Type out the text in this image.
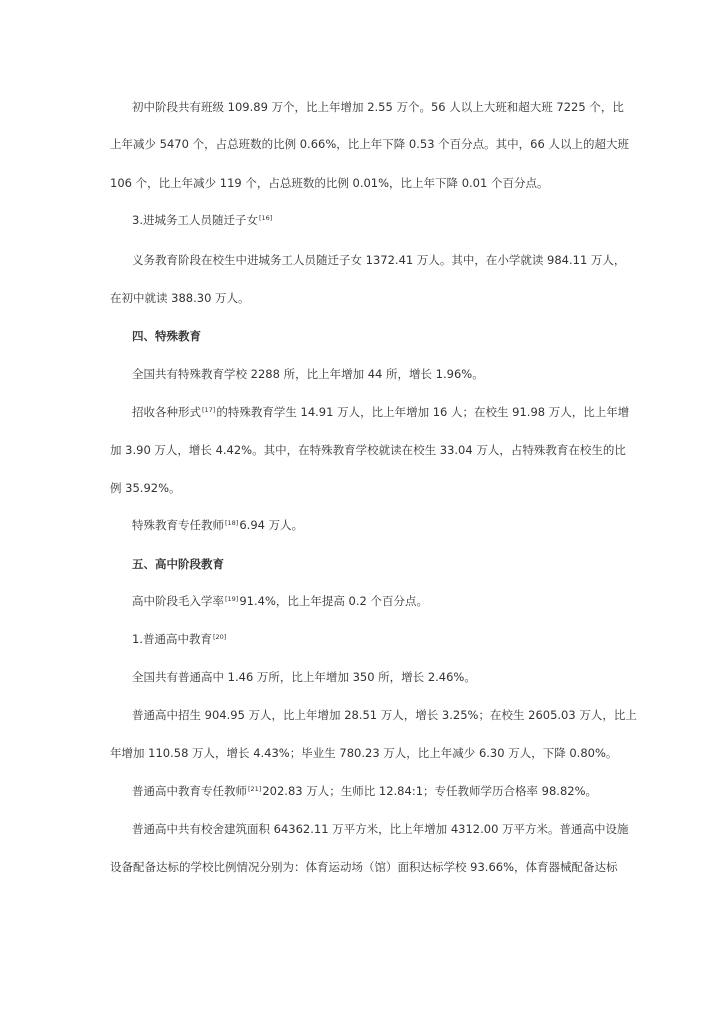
初中阶段共有班级 109.89 万个，比上年增加 2.55 万个。56 人以上大班和超大班 7225 个，比
上年减少 5470 个，占总班数的比例 0.66%，比上年下降 0.53 个百分点。其中，66 人以上的超大班
106 个，比上年减少 119 个，占总班数的比例 0.01%，比上年下降 0.01 个百分点。
3.进城务工人员随迁子女[16]
义务教育阶段在校生中进城务工人员随迁子女 1372.41 万人。其中，在小学就读 984.11 万人，
在初中就读 388.30 万人。
四、特殊教育
全国共有特殊教育学校 2288 所，比上年增加 44 所，增长 1.96%。
招收各种形式[17]的特殊教育学生 14.91 万人，比上年增加 16 人；在校生 91.98 万人，比上年增
加 3.90 万人，增长 4.42%。其中，在特殊教育学校就读在校生 33.04 万人，占特殊教育在校生的比
例 35.92%。
特殊教育专任教师[18]6.94 万人。
五、高中阶段教育
高中阶段毛入学率[19]91.4%，比上年提高 0.2 个百分点。
1.普通高中教育[20]
全国共有普通高中 1.46 万所，比上年增加 350 所，增长 2.46%。
普通高中招生 904.95 万人，比上年增加 28.51 万人，增长 3.25%；在校生 2605.03 万人，比上
年增加 110.58 万人，增长 4.43%；毕业生 780.23 万人，比上年减少 6.30 万人，下降 0.80%。
普通高中教育专任教师[21]202.83 万人；生师比 12.84:1；专任教师学历合格率 98.82%。
普通高中共有校舍建筑面积 64362.11 万平方米，比上年增加 4312.00 万平方米。普通高中设施
设备配备达标的学校比例情况分别为：体育运动场（馆）面积达标学校 93.66%，体育器械配备达标
